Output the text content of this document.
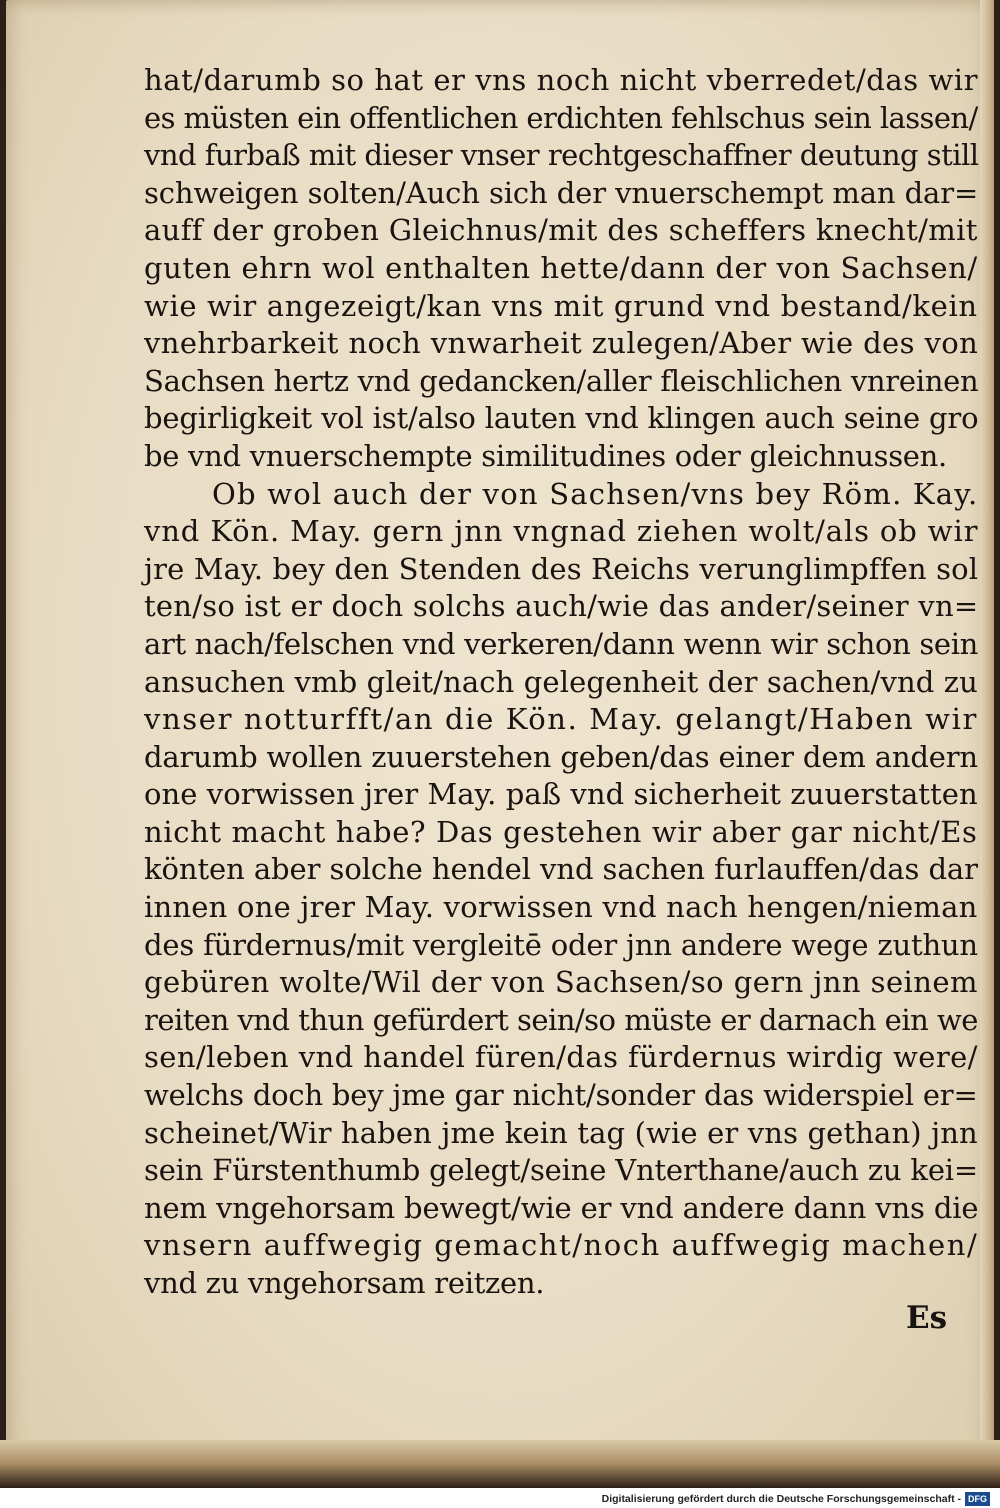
hat/darumb so hat er vns noch nicht vberredet/das wir
es müsten ein offentlichen erdichten fehlschus sein lassen/
vnd furbaß mit dieser vnser rechtgeschaffner deutung still
schweigen solten/Auch sich der vnuerschempt man dar=
auff der groben Gleichnus/mit des scheffers knecht/mit
guten ehrn wol enthalten hette/dann der von Sachsen/
wie wir angezeigt/kan vns mit grund vnd bestand/kein
vnehrbarkeit noch vnwarheit zulegen/Aber wie des von
Sachsen hertz vnd gedancken/aller fleischlichen vnreinen
begirligkeit vol ist/also lauten vnd klingen auch seine gro
be vnd vnuerschempte similitudines oder gleichnussen.
Ob wol auch der von Sachsen/vns bey Röm. Kay.
vnd Kön. May. gern jnn vngnad ziehen wolt/als ob wir
jre May. bey den Stenden des Reichs verunglimpffen sol
ten/so ist er doch solchs auch/wie das ander/seiner vn=
art nach/felschen vnd verkeren/dann wenn wir schon sein
ansuchen vmb gleit/nach gelegenheit der sachen/vnd zu
vnser notturfft/an die Kön. May. gelangt/Haben wir
darumb wollen zuuerstehen geben/das einer dem andern
one vorwissen jrer May. paß vnd sicherheit zuuerstatten
nicht macht habe? Das gestehen wir aber gar nicht/Es
könten aber solche hendel vnd sachen furlauffen/das dar
innen one jrer May. vorwissen vnd nach hengen/nieman
des fürdernus/mit vergleitē oder jnn andere wege zuthun
gebüren wolte/Wil der von Sachsen/so gern jnn seinem
reiten vnd thun gefürdert sein/so müste er darnach ein we
sen/leben vnd handel füren/das fürdernus wirdig were/
welchs doch bey jme gar nicht/sonder das widerspiel er=
scheinet/Wir haben jme kein tag (wie er vns gethan) jnn
sein Fürstenthumb gelegt/seine Vnterthane/auch zu kei=
nem vngehorsam bewegt/wie er vnd andere dann vns die
vnsern auffwegig gemacht/noch auffwegig machen/
vnd zu vngehorsam reitzen.
Es
Digitalisierung gefördert durch die Deutsche Forschungsgemeinschaft - DFG
